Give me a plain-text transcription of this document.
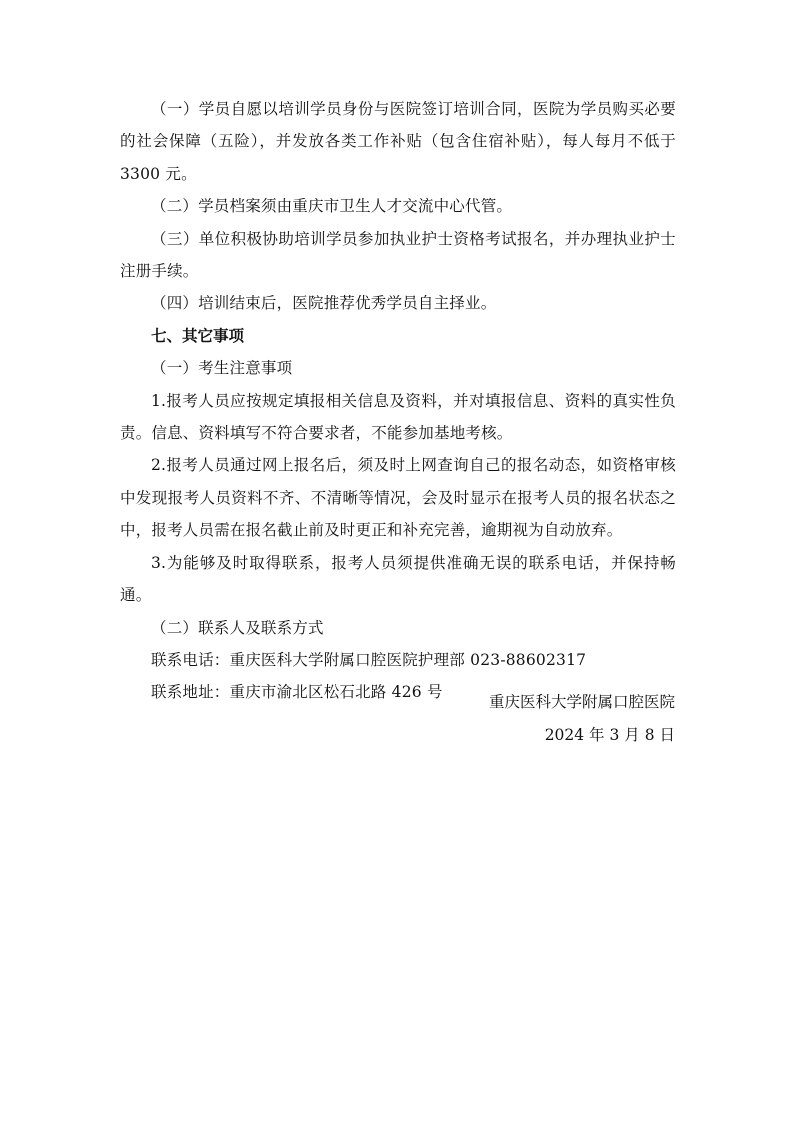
（一）学员自愿以培训学员身份与医院签订培训合同，医院为学员购买必要的社会保障（五险），并发放各类工作补贴（包含住宿补贴），每人每月不低于 3300 元。

（二）学员档案须由重庆市卫生人才交流中心代管。

（三）单位积极协助培训学员参加执业护士资格考试报名，并办理执业护士注册手续。

（四）培训结束后，医院推荐优秀学员自主择业。

七、其它事项

（一）考生注意事项

1.报考人员应按规定填报相关信息及资料，并对填报信息、资料的真实性负责。信息、资料填写不符合要求者，不能参加基地考核。

2.报考人员通过网上报名后，须及时上网查询自己的报名动态，如资格审核中发现报考人员资料不齐、不清晰等情况，会及时显示在报考人员的报名状态之中，报考人员需在报名截止前及时更正和补充完善，逾期视为自动放弃。

3.为能够及时取得联系，报考人员须提供准确无误的联系电话，并保持畅通。

（二）联系人及联系方式

联系电话：重庆医科大学附属口腔医院护理部 023-88602317

联系地址：重庆市渝北区松石北路 426 号

重庆医科大学附属口腔医院
2024 年 3 月 8 日
